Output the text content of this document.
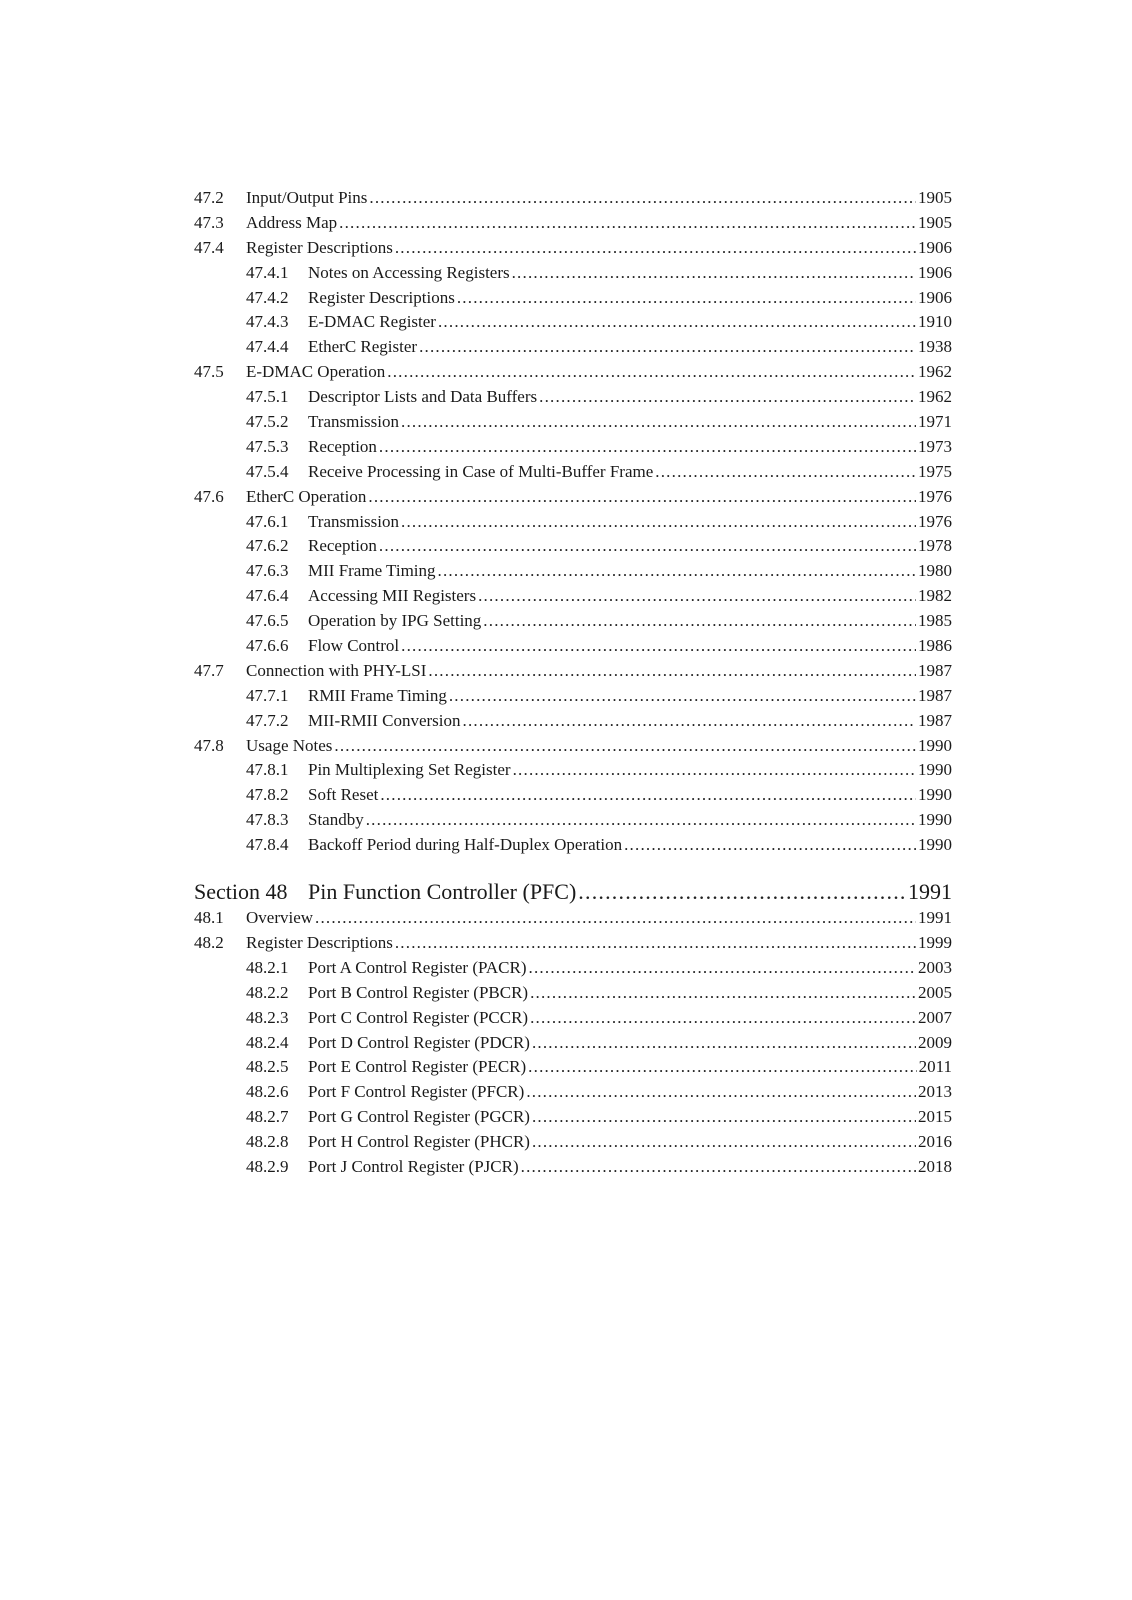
47.2	Input/Output Pins .....	1905
47.3	Address Map .....	1905
47.4	Register Descriptions .....	1906
47.4.1	Notes on Accessing Registers .....	1906
47.4.2	Register Descriptions .....	1906
47.4.3	E-DMAC Register .....	1910
47.4.4	EtherC Register .....	1938
47.5	E-DMAC Operation .....	1962
47.5.1	Descriptor Lists and Data Buffers .....	1962
47.5.2	Transmission .....	1971
47.5.3	Reception .....	1973
47.5.4	Receive Processing in Case of Multi-Buffer Frame .....	1975
47.6	EtherC Operation .....	1976
47.6.1	Transmission .....	1976
47.6.2	Reception .....	1978
47.6.3	MII Frame Timing .....	1980
47.6.4	Accessing MII Registers .....	1982
47.6.5	Operation by IPG Setting .....	1985
47.6.6	Flow Control .....	1986
47.7	Connection with PHY-LSI .....	1987
47.7.1	RMII Frame Timing .....	1987
47.7.2	MII-RMII Conversion .....	1987
47.8	Usage Notes .....	1990
47.8.1	Pin Multiplexing Set Register .....	1990
47.8.2	Soft Reset .....	1990
47.8.3	Standby .....	1990
47.8.4	Backoff Period during Half-Duplex Operation .....	1990
Section 48 Pin Function Controller (PFC) .....	1991
48.1	Overview .....	1991
48.2	Register Descriptions .....	1999
48.2.1	Port A Control Register (PACR) .....	2003
48.2.2	Port B Control Register (PBCR) .....	2005
48.2.3	Port C Control Register (PCCR) .....	2007
48.2.4	Port D Control Register (PDCR) .....	2009
48.2.5	Port E Control Register (PECR) .....	2011
48.2.6	Port F Control Register (PFCR) .....	2013
48.2.7	Port G Control Register (PGCR) .....	2015
48.2.8	Port H Control Register (PHCR) .....	2016
48.2.9	Port J Control Register (PJCR) .....	2018
